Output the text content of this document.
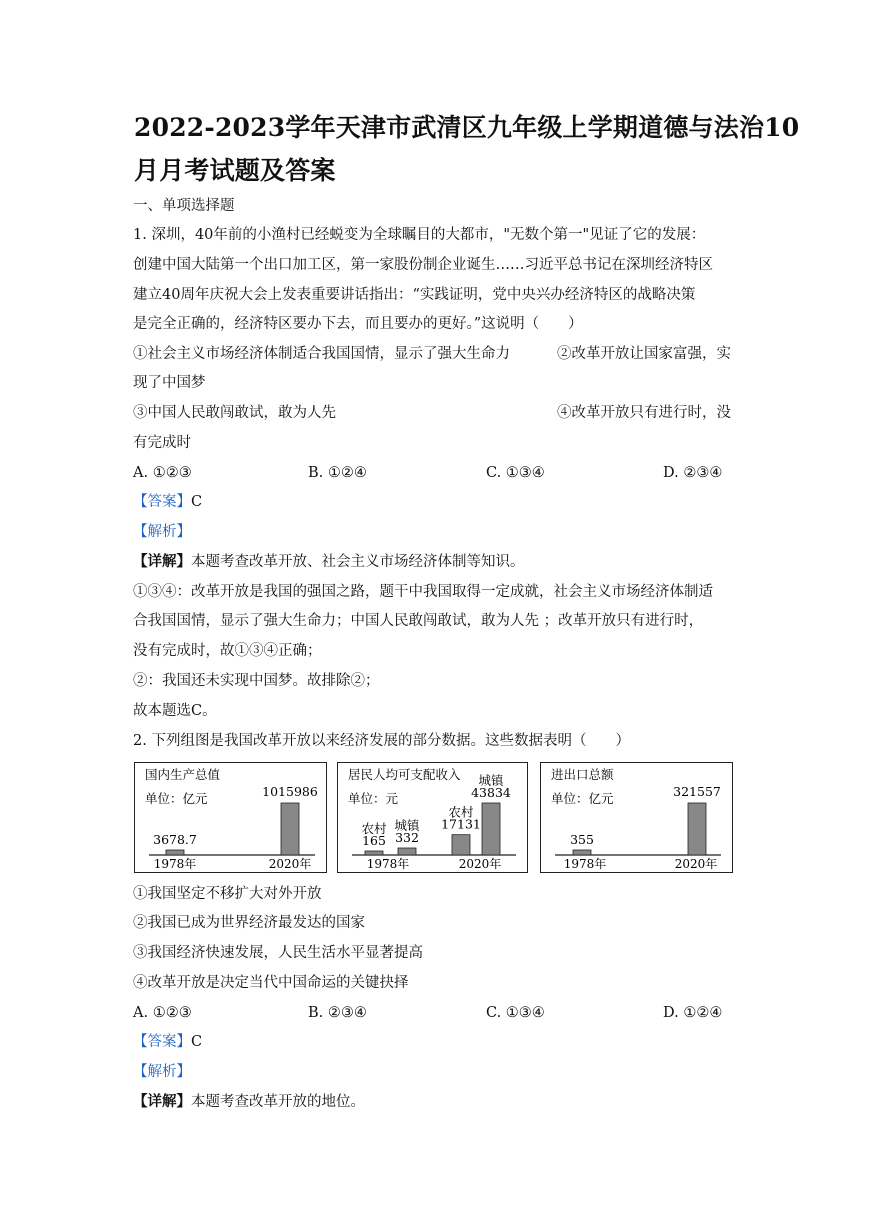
2022-2023学年天津市武清区九年级上学期道德与法治10
月月考试题及答案
一、单项选择题
1. 深圳，40年前的小渔村已经蜕变为全球瞩目的大都市，"无数个第一"见证了它的发展：
创建中国大陆第一个出口加工区，第一家股份制企业诞生……习近平总书记在深圳经济特区
建立40周年庆祝大会上发表重要讲话指出：“实践证明，党中央兴办经济特区的战略决策
是完全正确的，经济特区要办下去，而且要办的更好。”这说明（　　）
①社会主义市场经济体制适合我国国情，显示了强大生命力	②改革开放让国家富强，实
现了中国梦
③中国人民敢闯敢试，敢为人先	④改革开放只有进行时，没
有完成时
A. ①②③	B. ①②④	C. ①③④	D. ②③④
【答案】C
【解析】
【详解】本题考查改革开放、社会主义市场经济体制等知识。
①③④：改革开放是我国的强国之路，题干中我国取得一定成就，社会主义市场经济体制适
合我国国情，显示了强大生命力；中国人民敢闯敢试，敢为人先 ；改革开放只有进行时，
没有完成时，故①③④正确；
②：我国还未实现中国梦。故排除②；
故本题选C。
2. 下列组图是我国改革开放以来经济发展的部分数据。这些数据表明（　　）
国内生产总值
单位：亿元
3678.7
1015986
1978年	2020年
居民人均可支配收入
单位：元
农村
165
城镇
332
农村
17131
城镇
43834
1978年	2020年
进出口总额
单位：亿元
355
321557
1978年	2020年
①我国坚定不移扩大对外开放
②我国已成为世界经济最发达的国家
③我国经济快速发展，人民生活水平显著提高
④改革开放是决定当代中国命运的关键抉择
A. ①②③	B. ②③④	C. ①③④	D. ①②④
【答案】C
【解析】
【详解】本题考查改革开放的地位。
